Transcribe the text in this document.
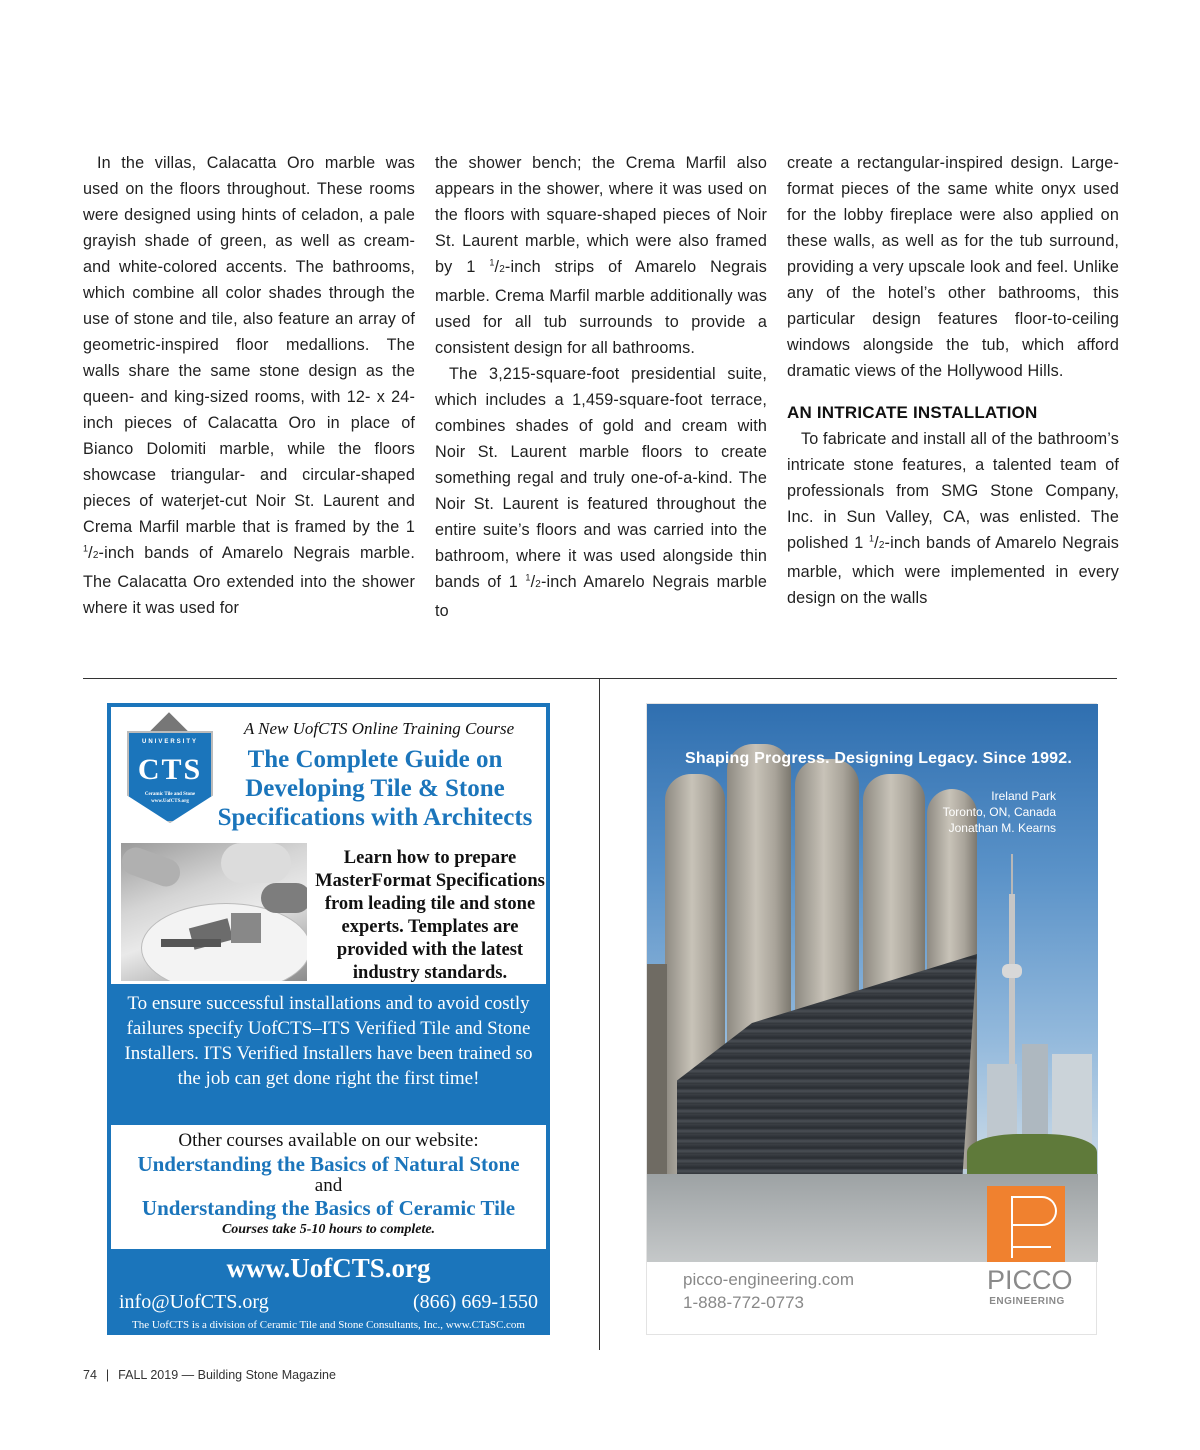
In the villas, Calacatta Oro marble was used on the floors throughout. These rooms were designed using hints of celadon, a pale grayish shade of green, as well as cream- and white-colored accents. The bathrooms, which combine all color shades through the use of stone and tile, also feature an array of geometric-inspired floor medallions. The walls share the same stone design as the queen- and king-sized rooms, with 12- x 24-inch pieces of Calacatta Oro in place of Bianco Dolomiti marble, while the floors showcase triangular- and circular-shaped pieces of waterjet-cut Noir St. Laurent and Crema Marfil marble that is framed by the 1 $^1$/2-inch bands of Amarelo Negrais marble. The Calacatta Oro extended into the shower where it was used for

the shower bench; the Crema Marfil also appears in the shower, where it was used on the floors with square-shaped pieces of Noir St. Laurent marble, which were also framed by 1 $^1$/2-inch strips of Amarelo Negrais marble. Crema Marfil marble additionally was used for all tub surrounds to provide a consistent design for all bathrooms.

The 3,215-square-foot presidential suite, which includes a 1,459-square-foot terrace, combines shades of gold and cream with Noir St. Laurent marble floors to create something regal and truly one-of-a-kind. The Noir St. Laurent is featured throughout the entire suite’s floors and was carried into the bathroom, where it was used alongside thin bands of 1 $^1$/2-inch Amarelo Negrais marble to

create a rectangular-inspired design. Large-format pieces of the same white onyx used for the lobby fireplace were also applied on these walls, as well as for the tub surround, providing a very upscale look and feel. Unlike any of the hotel’s other bathrooms, this particular design features floor-to-ceiling windows alongside the tub, which afford dramatic views of the Hollywood Hills.

AN INTRICATE INSTALLATION

To fabricate and install all of the bathroom’s intricate stone features, a talented team of professionals from SMG Stone Company, Inc. in Sun Valley, CA, was enlisted. The polished 1 $^1$/2-inch bands of Amarelo Negrais marble, which were implemented in every design on the walls

UNIVERSITY
CTS
Ceramic Tile and Stone
www.UofCTS.org
A New UofCTS Online Training Course
The Complete Guide on Developing Tile & Stone Specifications with Architects
Learn how to prepare MasterFormat Specifications from leading tile and stone experts. Templates are provided with the latest industry standards.
To ensure successful installations and to avoid costly failures specify UofCTS–ITS Verified Tile and Stone Installers. ITS Verified Installers have been trained so the job can get done right the first time!
Other courses available on our website:
Understanding the Basics of Natural Stone
and
Understanding the Basics of Ceramic Tile
Courses take 5-10 hours to complete.
www.UofCTS.org
info@UofCTS.org	(866) 669-1550
The UofCTS is a division of Ceramic Tile and Stone Consultants, Inc., www.CTaSC.com
Shaping Progress. Designing Legacy. Since 1992.
Ireland Park
Toronto, ON, Canada
Jonathan M. Kearns
picco-engineering.com
1-888-772-0773
PICCO
ENGINEERING
74 | FALL 2019 — Building Stone Magazine
